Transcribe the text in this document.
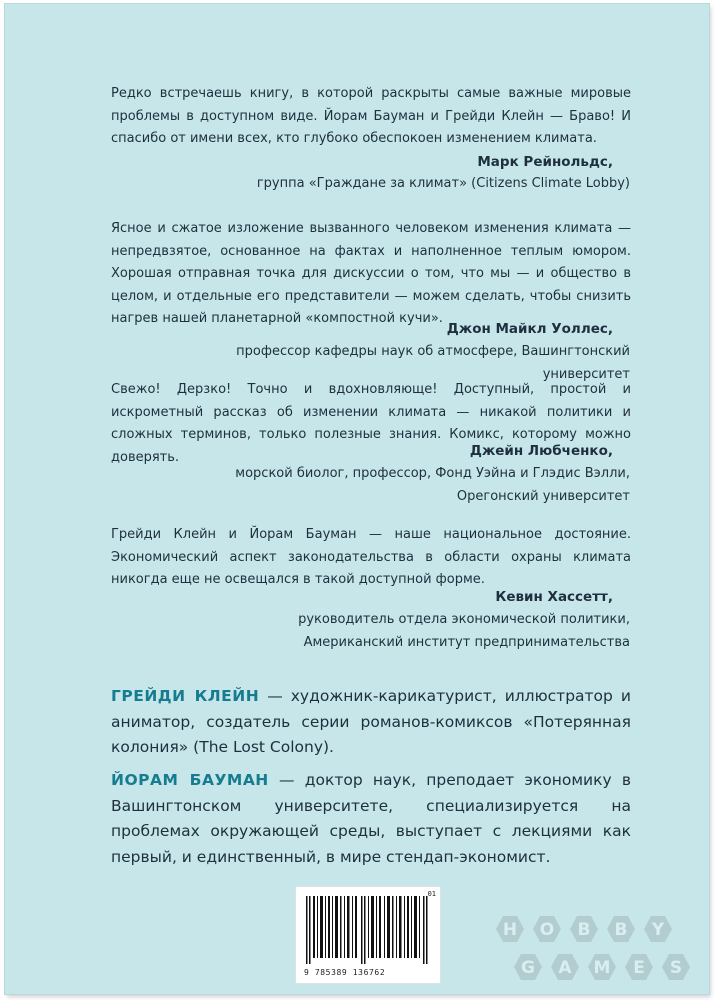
Редко встречаешь книгу, в которой раскрыты самые важные мировые проблемы в доступном виде. Йорам Бауман и Грейди Клейн — Браво! И спасибо от имени всех, кто глубоко обеспокоен изменением климата.

Марк Рейнольдс,

группа «Граждане за климат» (Citizens Climate Lobby)

Ясное и сжатое изложение вызванного человеком изменения климата — непредвзятое, основанное на фактах и наполненное теплым юмором. Хорошая отправная точка для дискуссии о том, что мы — и общество в целом, и отдельные его представители — можем сделать, чтобы снизить нагрев нашей планетарной «компостной кучи».

Джон Майкл Уоллес,

профессор кафедры наук об атмосфере, Вашингтонский университет

Свежо! Дерзко! Точно и вдохновляюще! Доступный, простой и искрометный рассказ об изменении климата — никакой политики и сложных терминов, только полезные знания. Комикс, которому можно доверять.	Джейн Любченко,

морской биолог, профессор, Фонд Уэйна и Глэдис Вэлли,

Орегонский университет

Грейди Клейн и Йорам Бауман — наше национальное достояние. Экономический аспект законодательства в области охраны климата никогда еще не освещался в такой доступной форме.

Кевин Хассетт,

руководитель отдела экономической политики,

Американский институт предпринимательства

ГРЕЙДИ КЛЕЙН — художник-карикатурист, иллюстратор и аниматор, создатель серии романов-комиксов «Потерянная колония» (The Lost Colony).

ЙОРАМ БАУМАН — доктор наук, преподает экономику в Вашингтонском университете, специализируется на проблемах окружающей среды, выступает с лекциями как первый, и единственный, в мире стендап-экономист.

01
9 785389 136762
H O B B Y
G A M E S
